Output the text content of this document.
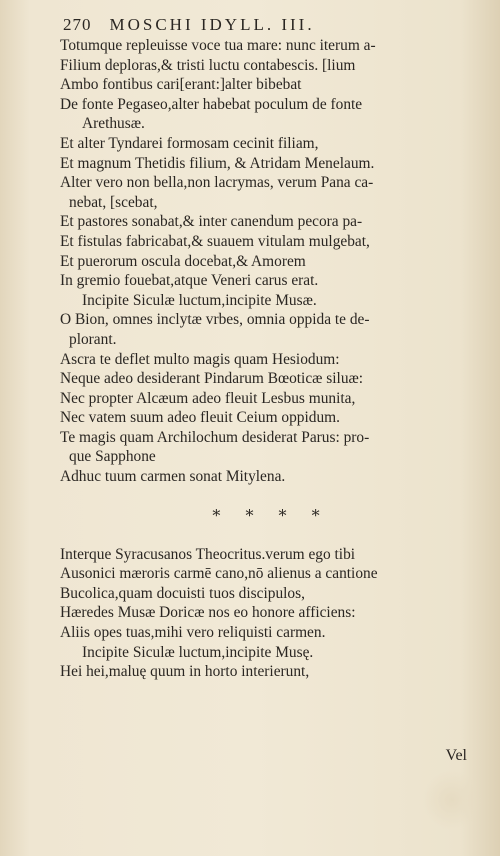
270 MOSCHI IDYLL. III.
Totumque repleuisse voce tua mare: nunc iterum a-
Filium deploras,& tristi luctu contabescis. [lium
Ambo fontibus cari[erant:]alter bibebat
De fonte Pegaseo,alter habebat poculum de fonte
Arethusæ.
Et alter Tyndarei formosam cecinit filiam,
Et magnum Thetidis filium, & Atridam Menelaum.
Alter vero non bella,non lacrymas, verum Pana ca-
nebat, [scebat,
Et pastores sonabat,& inter canendum pecora pa-
Et fistulas fabricabat,& suauem vitulam mulgebat,
Et puerorum oscula docebat,& Amorem
In gremio fouebat,atque Veneri carus erat.
Incipite Siculæ luctum,incipite Musæ.
O Bion, omnes inclytæ vrbes, omnia oppida te de-
plorant.
Ascra te deflet multo magis quam Hesiodum:
Neque adeo desiderant Pindarum Bœoticæ siluæ:
Nec propter Alcæum adeo fleuit Lesbus munita,
Nec vatem suum adeo fleuit Ceium oppidum.
Te magis quam Archilochum desiderat Parus: pro-
que Sapphone
Adhuc tuum carmen sonat Mitylena.
* * * *
Interque Syracusanos Theocritus.verum ego tibi
Ausonici mæroris carmē cano,nō alienus a cantione
Bucolica,quam docuisti tuos discipulos,
Hæredes Musæ Doricæ nos eo honore afficiens:
Aliis opes tuas,mihi vero reliquisti carmen.
Incipite Siculæ luctum,incipite Musę.
Hei hei,maluę quum in horto interierunt,
Vel
